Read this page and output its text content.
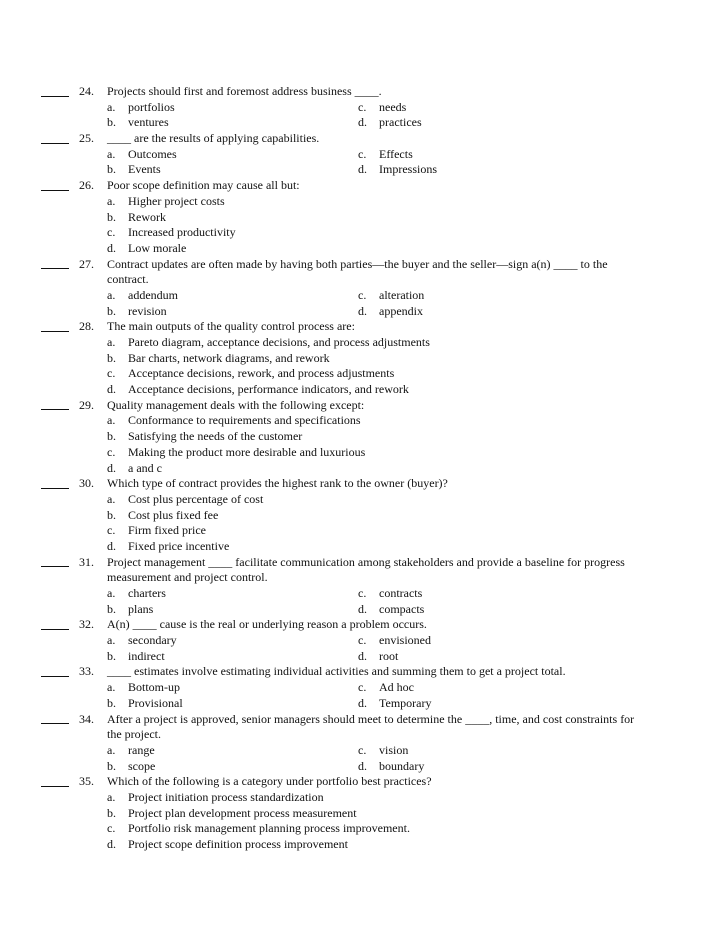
24. Projects should first and foremost address business ____.
a. portfolios	c. needs
b. ventures	d. practices
25. ____ are the results of applying capabilities.
a. Outcomes	c. Effects
b. Events	d. Impressions
26. Poor scope definition may cause all but:
a. Higher project costs
b. Rework
c. Increased productivity
d. Low morale
27. Contract updates are often made by having both parties—the buyer and the seller—sign a(n) ____ to the
contract.
a. addendum	c. alteration
b. revision	d. appendix
28. The main outputs of the quality control process are:
a. Pareto diagram, acceptance decisions, and process adjustments
b. Bar charts, network diagrams, and rework
c. Acceptance decisions, rework, and process adjustments
d. Acceptance decisions, performance indicators, and rework
29. Quality management deals with the following except:
a. Conformance to requirements and specifications
b. Satisfying the needs of the customer
c. Making the product more desirable and luxurious
d. a and c
30. Which type of contract provides the highest rank to the owner (buyer)?
a. Cost plus percentage of cost
b. Cost plus fixed fee
c. Firm fixed price
d. Fixed price incentive
31. Project management ____ facilitate communication among stakeholders and provide a baseline for progress
measurement and project control.
a. charters	c. contracts
b. plans	d. compacts
32. A(n) ____ cause is the real or underlying reason a problem occurs.
a. secondary	c. envisioned
b. indirect	d. root
33. ____ estimates involve estimating individual activities and summing them to get a project total.
a. Bottom-up	c. Ad hoc
b. Provisional	d. Temporary
34. After a project is approved, senior managers should meet to determine the ____, time, and cost constraints for
the project.
a. range	c. vision
b. scope	d. boundary
35. Which of the following is a category under portfolio best practices?
a. Project initiation process standardization
b. Project plan development process measurement
c. Portfolio risk management planning process improvement.
d. Project scope definition process improvement
